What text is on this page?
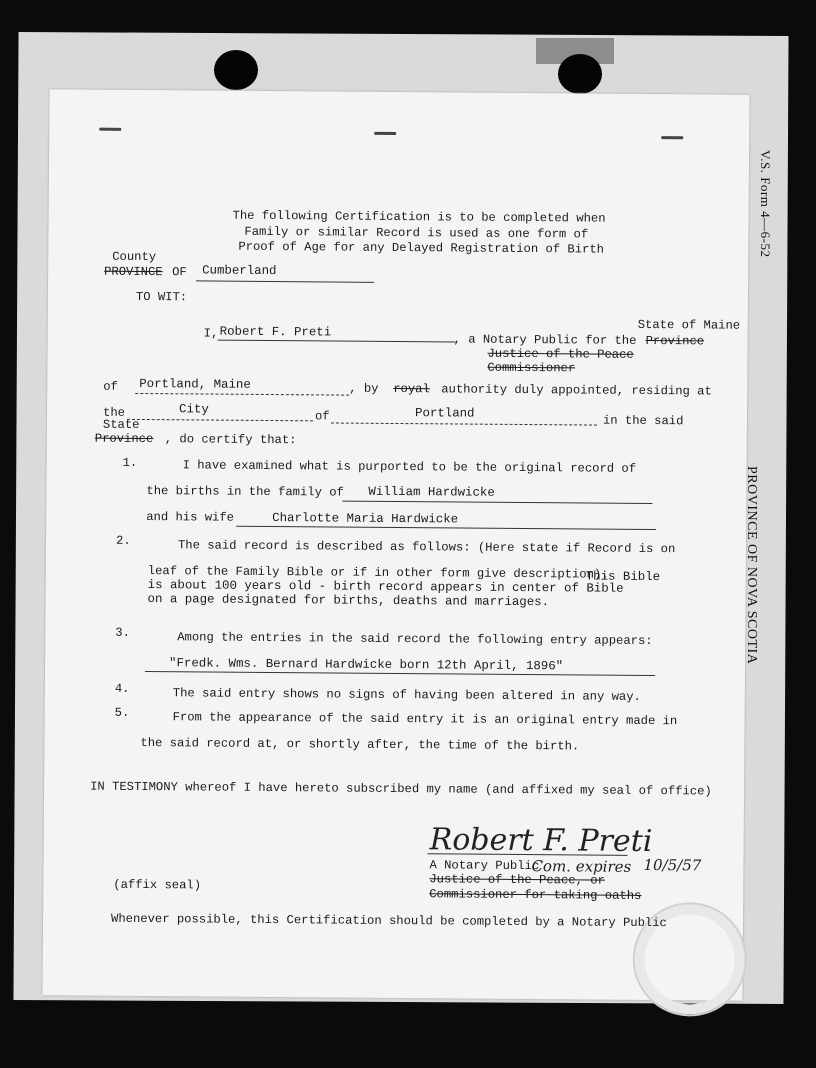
V.S. Form 4—6-52
PROVINCE OF NOVA SCOTIA
The following Certification is to be completed when
Family or similar Record is used as one form of
Proof of Age for any Delayed Registration of Birth
County
PROVINCE OF Cumberland
TO WIT:
State of Maine
I, Robert F. Preti
, a Notary Public for the Province
Justice of the Peace
Commissioner
of Portland, Maine	, by royal authority duly appointed, residing at
the	City	of	Portland
in the said
State
Province , do certify that:
1.	I have examined what is purported to be the original record of
the births in the family of William Hardwicke
and his wife	Charlotte Maria Hardwicke
2.	The said record is described as follows: (Here state if Record is on
leaf of the Family Bible or if in other form give description).
This Bible
is about 100 years old - birth record appears in center of Bible
on a page designated for births, deaths and marriages.
3.	Among the entries in the said record the following entry appears:
"Fredk. Wms. Bernard Hardwicke born 12th April, 1896"
4.	The said entry shows no signs of having been altered in any way.
5.	From the appearance of the said entry it is an original entry made in
the said record at, or shortly after, the time of the birth.
IN TESTIMONY whereof I have hereto subscribed my name (and affixed my seal of office)
Robert F. Preti
A Notary Public
Com. expires 10/5/57
Justice of the Peace, or
Commissioner for taking oaths
(affix seal)
Whenever possible, this Certification should be completed by a Notary Public
